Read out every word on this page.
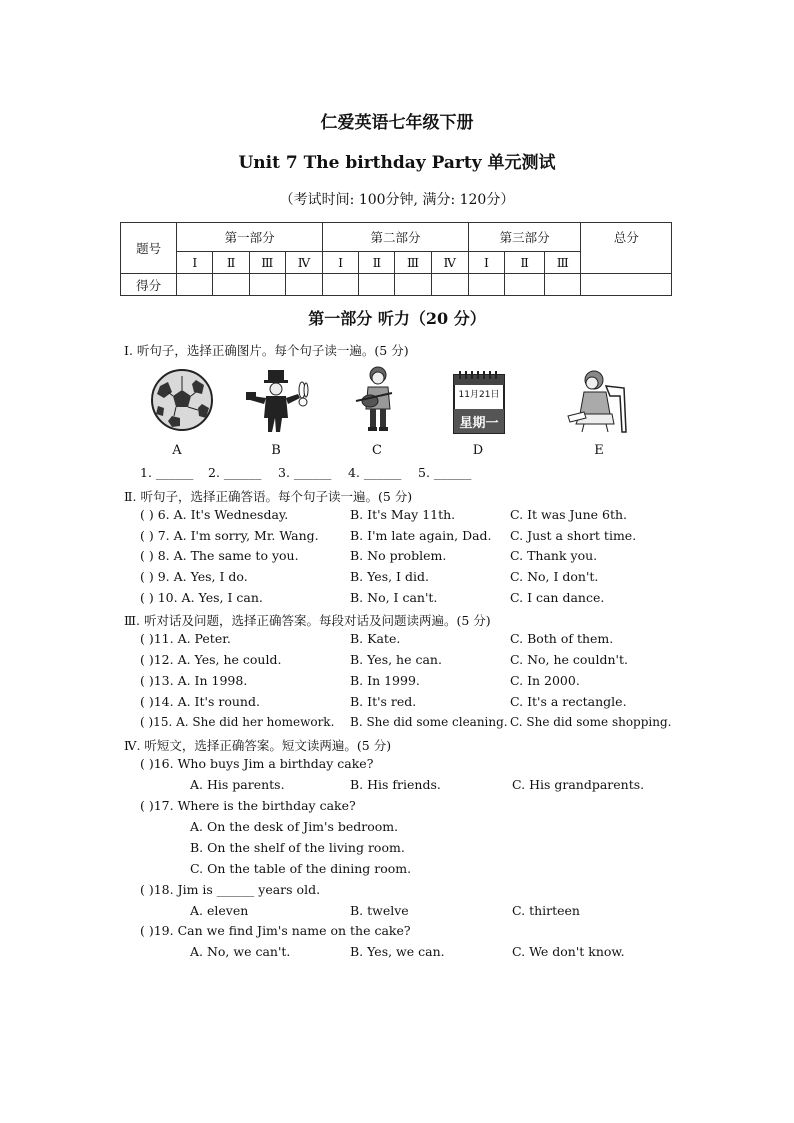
仁爱英语七年级下册
Unit 7 The birthday Party 单元测试
（考试时间: 100分钟, 满分: 120分）
题号	第一部分				第二部分				第三部分			总分
	Ⅰ	Ⅱ	Ⅲ	Ⅳ	Ⅰ	Ⅱ	Ⅲ	Ⅳ	Ⅰ	Ⅱ	Ⅲ	
得分												
第一部分 听力（20 分）
Ⅰ. 听句子，选择正确图片。每个句子读一遍。(5 分)
11月21日
星期一
A	B	C	D	E
1. ______ 2. ______ 3. ______ 4. ______ 5. ______
Ⅱ. 听句子，选择正确答语。每个句子读一遍。(5 分)
( ) 6. A. It's Wednesday.	B. It's May 11th.	C. It was June 6th.
( ) 7. A. I'm sorry, Mr. Wang.	B. I'm late again, Dad. C. Just a short time.
( ) 8. A. The same to you.	B. No problem.	C. Thank you.
( ) 9. A. Yes, I do.	B. Yes, I did.	C. No, I don't.
( ) 10. A. Yes, I can.	B. No, I can't.	C. I can dance.
Ⅲ. 听对话及问题，选择正确答案。每段对话及问题读两遍。(5 分)
( )11. A. Peter.	B. Kate.	C. Both of them.
( )12. A. Yes, he could.	B. Yes, he can.	C. No, he couldn't.
( )13. A. In 1998.	B. In 1999.	C. In 2000.
( )14. A. It's round.	B. It's red.	C. It's a rectangle.
( )15. A. She did her homework. B. She did some cleaning. C. She did some shopping.
Ⅳ. 听短文，选择正确答案。短文读两遍。(5 分)
( )16. Who buys Jim a birthday cake?
A. His parents.	B. His friends.	C. His grandparents.
( )17. Where is the birthday cake?
A. On the desk of Jim's bedroom.
B. On the shelf of the living room.
C. On the table of the dining room.
( )18. Jim is ______ years old.
A. eleven	B. twelve	C. thirteen
( )19. Can we find Jim's name on the cake?
A. No, we can't.	B. Yes, we can.	C. We don't know.
